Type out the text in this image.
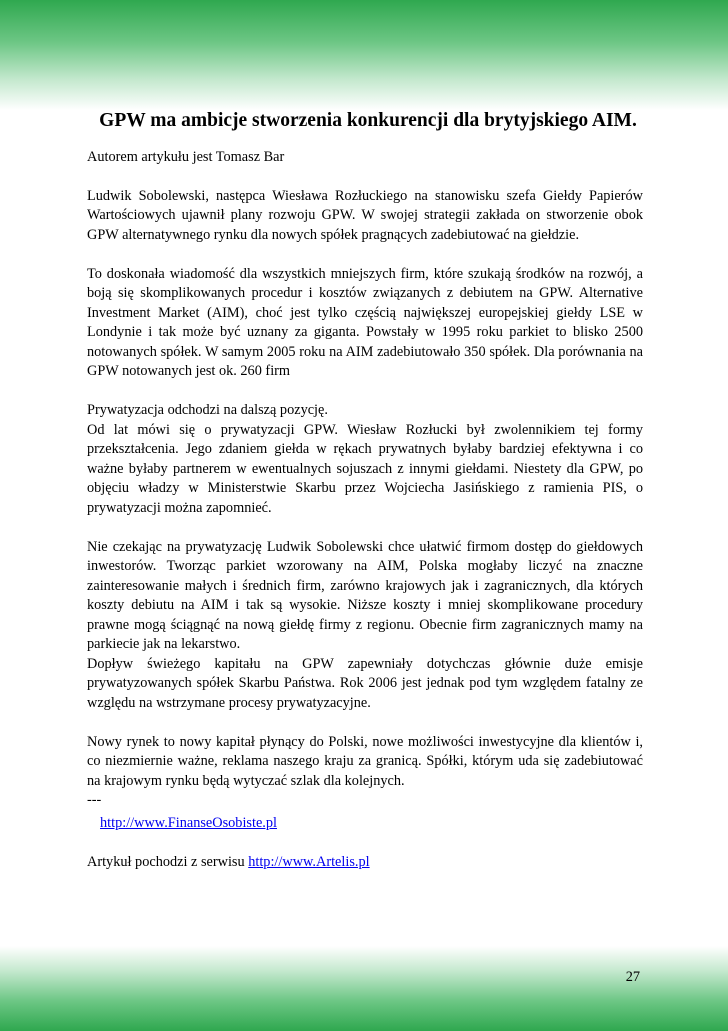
GPW ma ambicje stworzenia konkurencji dla brytyjskiego AIM.

Autorem artykułu jest Tomasz Bar

Ludwik Sobolewski, następca Wiesława Rozłuckiego na stanowisku szefa Giełdy Papierów Wartościowych ujawnił plany rozwoju GPW. W swojej strategii zakłada on stworzenie obok GPW alternatywnego rynku dla nowych spółek pragnących zadebiutować na giełdzie.

To doskonała wiadomość dla wszystkich mniejszych firm, które szukają środków na rozwój, a boją się skomplikowanych procedur i kosztów związanych z debiutem na GPW. Alternative Investment Market (AIM), choć jest tylko częścią największej europejskiej giełdy LSE w Londynie i tak może być uznany za giganta. Powstały w 1995 roku parkiet to blisko 2500 notowanych spółek. W samym 2005 roku na AIM zadebiutowało 350 spółek. Dla porównania na GPW notowanych jest ok. 260 firm

Prywatyzacja odchodzi na dalszą pozycję.

Od lat mówi się o prywatyzacji GPW. Wiesław Rozłucki był zwolennikiem tej formy przekształcenia. Jego zdaniem giełda w rękach prywatnych byłaby bardziej efektywna i co ważne byłaby partnerem w ewentualnych sojuszach z innymi giełdami. Niestety dla GPW, po objęciu władzy w Ministerstwie Skarbu przez Wojciecha Jasińskiego z ramienia PIS, o prywatyzacji można zapomnieć.

Nie czekając na prywatyzację Ludwik Sobolewski chce ułatwić firmom dostęp do giełdowych inwestorów. Tworząc parkiet wzorowany na AIM, Polska mogłaby liczyć na znaczne zainteresowanie małych i średnich firm, zarówno krajowych jak i zagranicznych, dla których koszty debiutu na AIM i tak są wysokie. Niższe koszty i mniej skomplikowane procedury prawne mogą ściągnąć na nową giełdę firmy z regionu. Obecnie firm zagranicznych mamy na parkiecie jak na lekarstwo.

Dopływ świeżego kapitału na GPW zapewniały dotychczas głównie duże emisje prywatyzowanych spółek Skarbu Państwa. Rok 2006 jest jednak pod tym względem fatalny ze względu na wstrzymane procesy prywatyzacyjne.

Nowy rynek to nowy kapitał płynący do Polski, nowe możliwości inwestycyjne dla klientów i, co niezmiernie ważne, reklama naszego kraju za granicą. Spółki, którym uda się zadebiutować na krajowym rynku będą wytyczać szlak dla kolejnych.

---

http://www.FinanseOsobiste.pl

Artykuł pochodzi z serwisu http://www.Artelis.pl

27
